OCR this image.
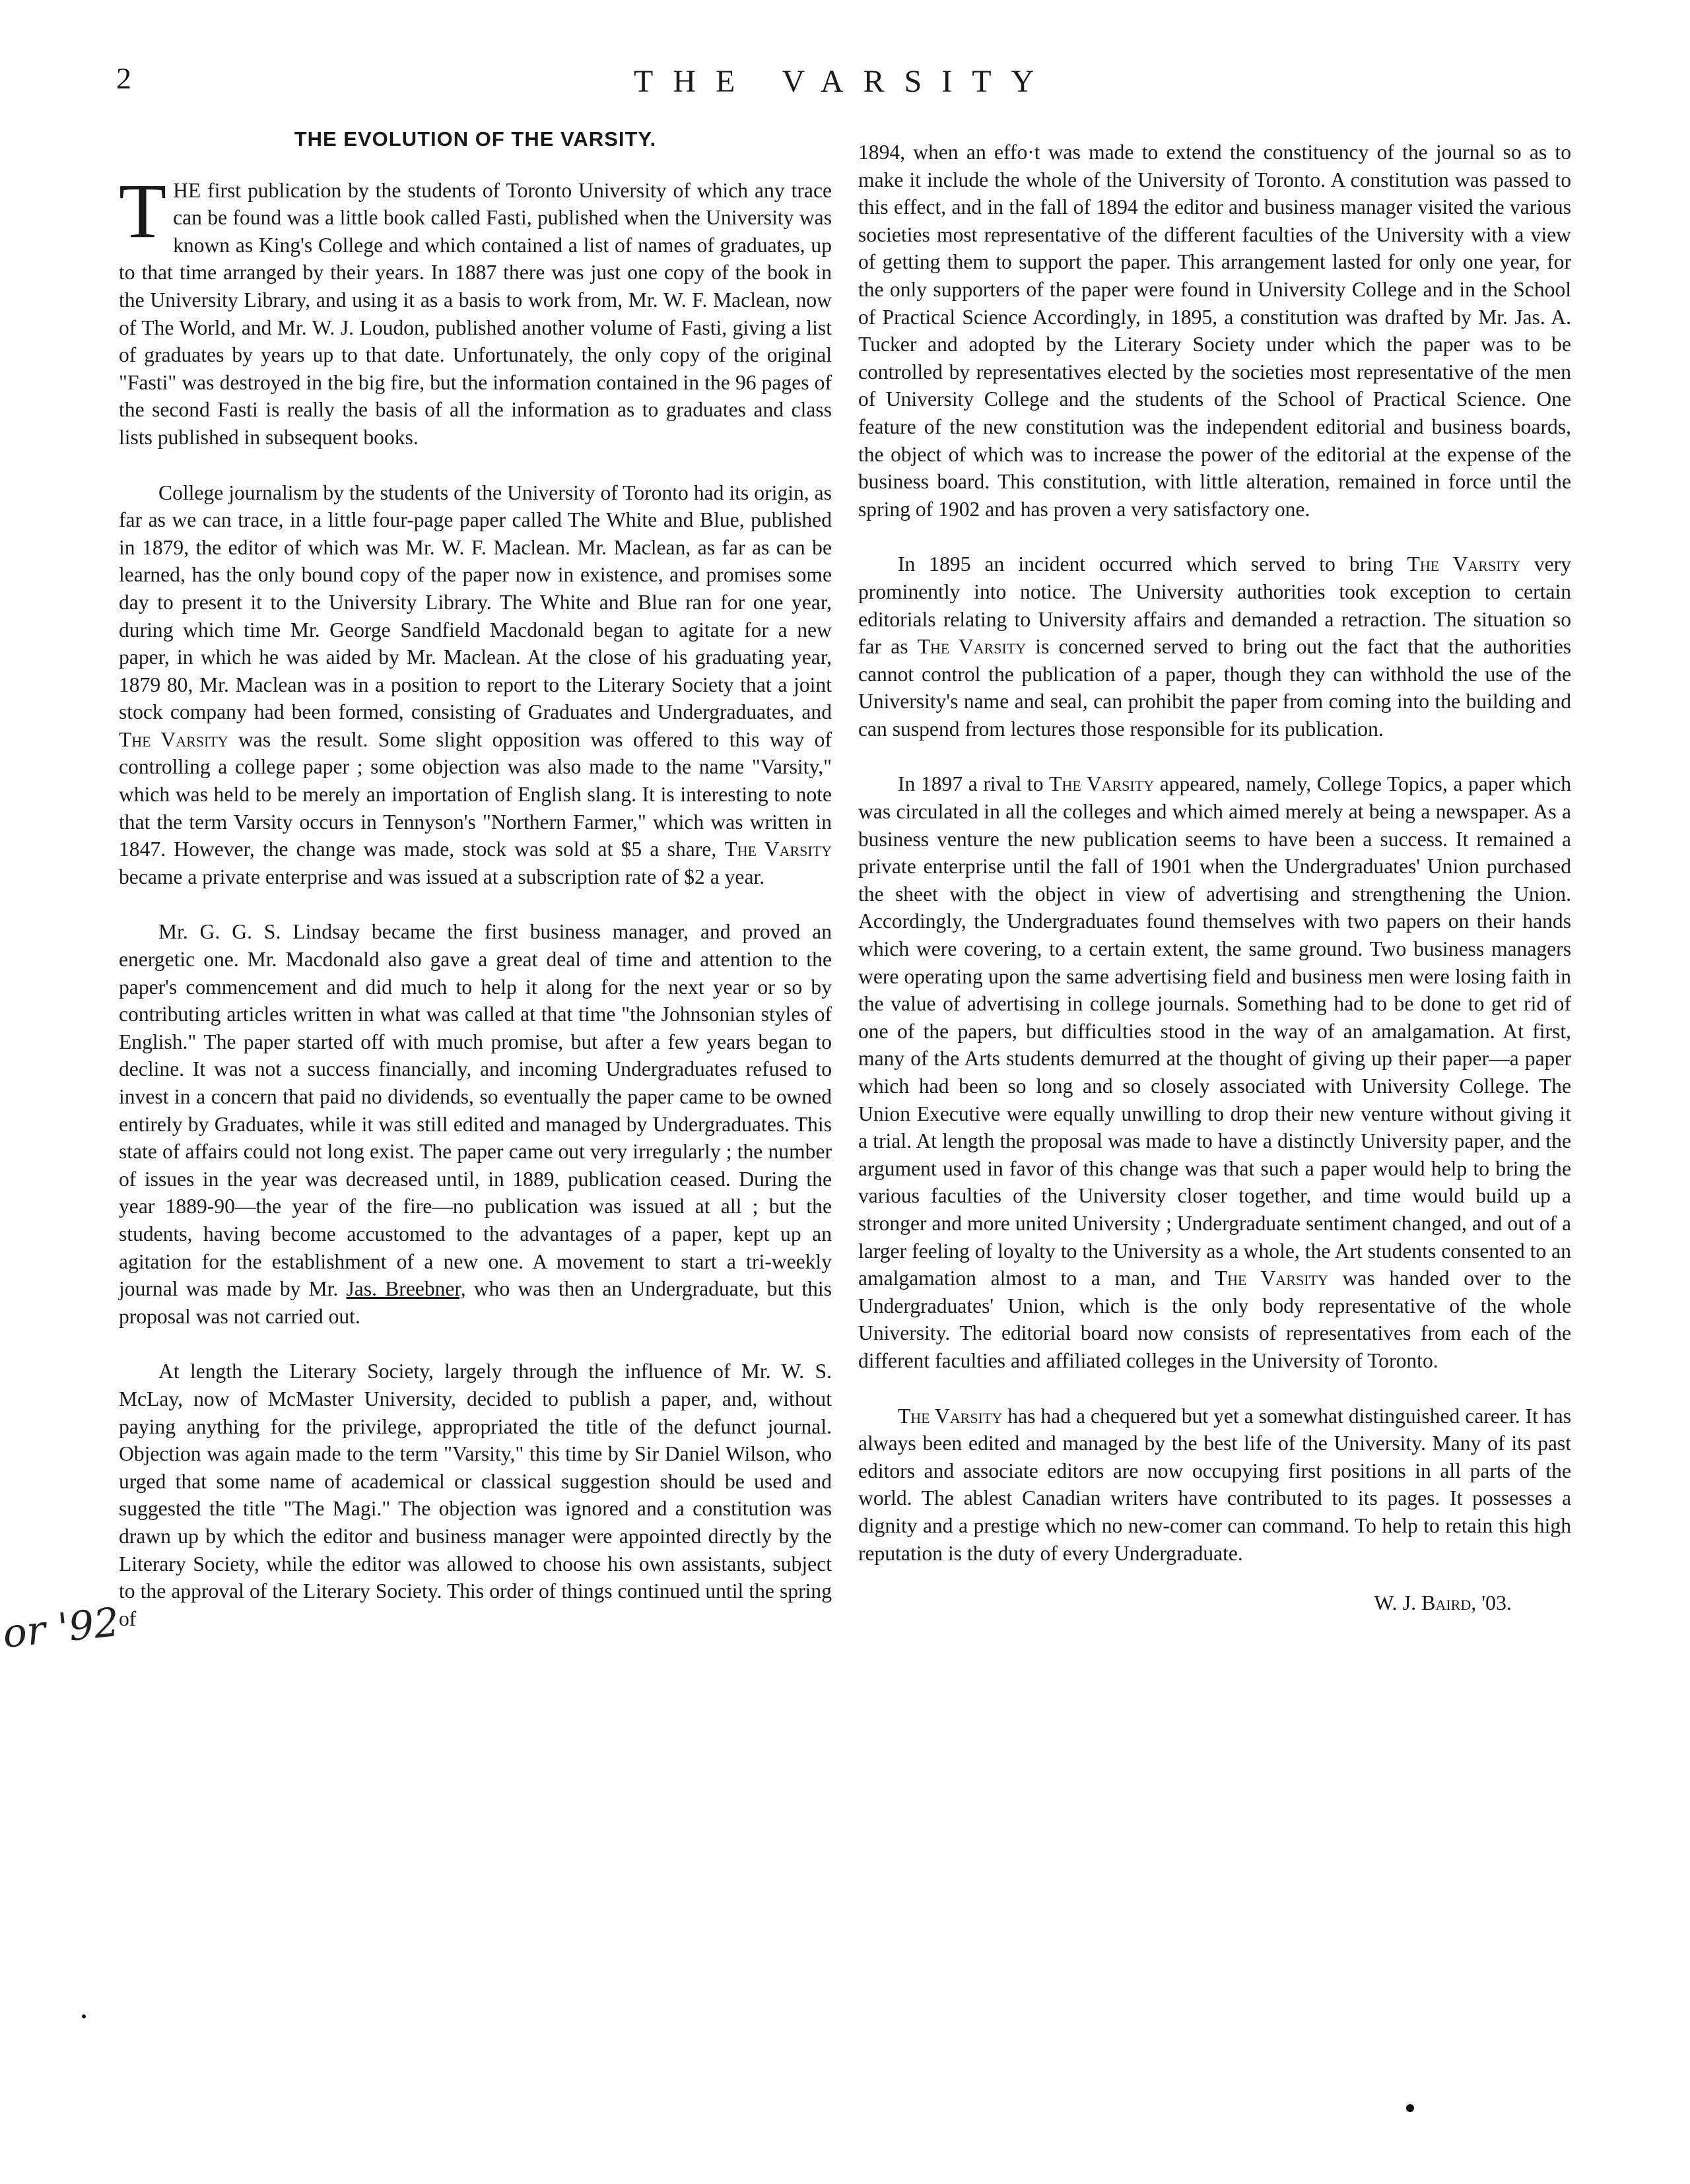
2	THE VARSITY
or '92
THE EVOLUTION OF THE VARSITY.

THE first publication by the students of Toronto University of which any trace can be found was a little book called Fasti, published when the University was known as King's College and which contained a list of names of graduates, up to that time arranged by their years. In 1887 there was just one copy of the book in the University Library, and using it as a basis to work from, Mr. W. F. Maclean, now of The World, and Mr. W. J. Loudon, published another volume of Fasti, giving a list of graduates by years up to that date. Unfortunately, the only copy of the original "Fasti" was destroyed in the big fire, but the information contained in the 96 pages of the second Fasti is really the basis of all the information as to graduates and class lists published in subsequent books.

College journalism by the students of the University of Toronto had its origin, as far as we can trace, in a little four-page paper called The White and Blue, published in 1879, the editor of which was Mr. W. F. Maclean. Mr. Maclean, as far as can be learned, has the only bound copy of the paper now in existence, and promises some day to present it to the University Library. The White and Blue ran for one year, during which time Mr. George Sandfield Macdonald began to agitate for a new paper, in which he was aided by Mr. Maclean. At the close of his graduating year, 1879 80, Mr. Maclean was in a position to report to the Literary Society that a joint stock company had been formed, consisting of Graduates and Undergraduates, and The Varsity was the result. Some slight opposition was offered to this way of controlling a college paper ; some objection was also made to the name "Varsity," which was held to be merely an importation of English slang. It is interesting to note that the term Varsity occurs in Tennyson's "Northern Farmer," which was written in 1847. However, the change was made, stock was sold at $5 a share, The Varsity became a private enterprise and was issued at a subscription rate of $2 a year.

Mr. G. G. S. Lindsay became the first business manager, and proved an energetic one. Mr. Macdonald also gave a great deal of time and attention to the paper's commencement and did much to help it along for the next year or so by contributing articles written in what was called at that time "the Johnsonian styles of English." The paper started off with much promise, but after a few years began to decline. It was not a success financially, and incoming Undergraduates refused to invest in a concern that paid no dividends, so eventually the paper came to be owned entirely by Graduates, while it was still edited and managed by Undergraduates. This state of affairs could not long exist. The paper came out very irregularly ; the number of issues in the year was decreased until, in 1889, publication ceased. During the year 1889-90—the year of the fire—no publication was issued at all ; but the students, having become accustomed to the advantages of a paper, kept up an agitation for the establishment of a new one. A movement to start a tri-weekly journal was made by Mr. Jas. Breebner, who was then an Undergraduate, but this proposal was not carried out.

At length the Literary Society, largely through the influence of Mr. W. S. McLay, now of McMaster University, decided to publish a paper, and, without paying anything for the privilege, appropriated the title of the defunct journal. Objection was again made to the term "Varsity," this time by Sir Daniel Wilson, who urged that some name of academical or classical suggestion should be used and suggested the title "The Magi." The objection was ignored and a constitution was drawn up by which the editor and business manager were appointed directly by the Literary Society, while the editor was allowed to choose his own assistants, subject to the approval of the Literary Society. This order of things continued until the spring of

1894, when an effo·t was made to extend the constituency of the journal so as to make it include the whole of the University of Toronto. A constitution was passed to this effect, and in the fall of 1894 the editor and business manager visited the various societies most representative of the different faculties of the University with a view of getting them to support the paper. This arrangement lasted for only one year, for the only supporters of the paper were found in University College and in the School of Practical Science Accordingly, in 1895, a constitution was drafted by Mr. Jas. A. Tucker and adopted by the Literary Society under which the paper was to be controlled by representatives elected by the societies most representative of the men of University College and the students of the School of Practical Science. One feature of the new constitution was the independent editorial and business boards, the object of which was to increase the power of the editorial at the expense of the business board. This constitution, with little alteration, remained in force until the spring of 1902 and has proven a very satisfactory one.

In 1895 an incident occurred which served to bring The Varsity very prominently into notice. The University authorities took exception to certain editorials relating to University affairs and demanded a retraction. The situation so far as The Varsity is concerned served to bring out the fact that the authorities cannot control the publication of a paper, though they can withhold the use of the University's name and seal, can prohibit the paper from coming into the building and can suspend from lectures those responsible for its publication.

In 1897 a rival to The Varsity appeared, namely, College Topics, a paper which was circulated in all the colleges and which aimed merely at being a newspaper. As a business venture the new publication seems to have been a success. It remained a private enterprise until the fall of 1901 when the Undergraduates' Union purchased the sheet with the object in view of advertising and strengthening the Union. Accordingly, the Undergraduates found themselves with two papers on their hands which were covering, to a certain extent, the same ground. Two business managers were operating upon the same advertising field and business men were losing faith in the value of advertising in college journals. Something had to be done to get rid of one of the papers, but difficulties stood in the way of an amalgamation. At first, many of the Arts students demurred at the thought of giving up their paper—a paper which had been so long and so closely associated with University College. The Union Executive were equally unwilling to drop their new venture without giving it a trial. At length the proposal was made to have a distinctly University paper, and the argument used in favor of this change was that such a paper would help to bring the various faculties of the University closer together, and time would build up a stronger and more united University ; Undergraduate sentiment changed, and out of a larger feeling of loyalty to the University as a whole, the Art students consented to an amalgamation almost to a man, and The Varsity was handed over to the Undergraduates' Union, which is the only body representative of the whole University. The editorial board now consists of representatives from each of the different faculties and affiliated colleges in the University of Toronto.

The Varsity has had a chequered but yet a somewhat distinguished career. It has always been edited and managed by the best life of the University. Many of its past editors and associate editors are now occupying first positions in all parts of the world. The ablest Canadian writers have contributed to its pages. It possesses a dignity and a prestige which no new-comer can command. To help to retain this high reputation is the duty of every Undergraduate.

W. J. Baird, '03.
